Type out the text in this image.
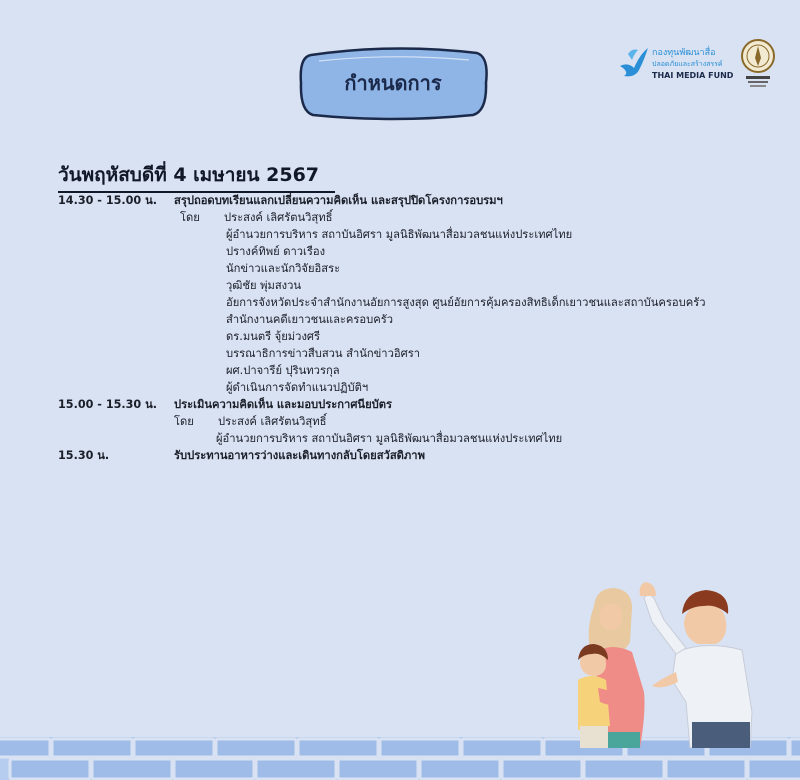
กำหนดการ
กองทุนพัฒนาสื่อ
ปลอดภัยและสร้างสรรค์
THAI MEDIA FUND
วันพฤหัสบดีที่ 4 เมษายน 2567
14.30 - 15.00 น. สรุปถอดบทเรียนแลกเปลี่ยนความคิดเห็น และสรุปปิดโครงการอบรมฯ
โดย ประสงค์ เลิศรัตนวิสุทธิ์
ผู้อำนวยการบริหาร สถาบันอิศรา มูลนิธิพัฒนาสื่อมวลชนแห่งประเทศไทย
ปรางค์ทิพย์ ดาวเรือง
นักข่าวและนักวิจัยอิสระ
วุฒิชัย พุ่มสงวน
อัยการจังหวัดประจำสำนักงานอัยการสูงสุด ศูนย์อัยการคุ้มครองสิทธิเด็กเยาวชนและสถาบันครอบครัว
สำนักงานคดีเยาวชนและครอบครัว
ดร.มนตรี จุ้ยม่วงศรี
บรรณาธิการข่าวสืบสวน สำนักข่าวอิศรา
ผศ.ปาจารีย์ ปุรินทวรกุล
ผู้ดำเนินการจัดทำแนวปฏิบัติฯ
15.00 - 15.30 น. ประเมินความคิดเห็น และมอบประกาศนียบัตร
โดย ประสงค์ เลิศรัตนวิสุทธิ์
ผู้อำนวยการบริหาร สถาบันอิศรา มูลนิธิพัฒนาสื่อมวลชนแห่งประเทศไทย
15.30 น.	รับประทานอาหารว่างและเดินทางกลับโดยสวัสดิภาพ
